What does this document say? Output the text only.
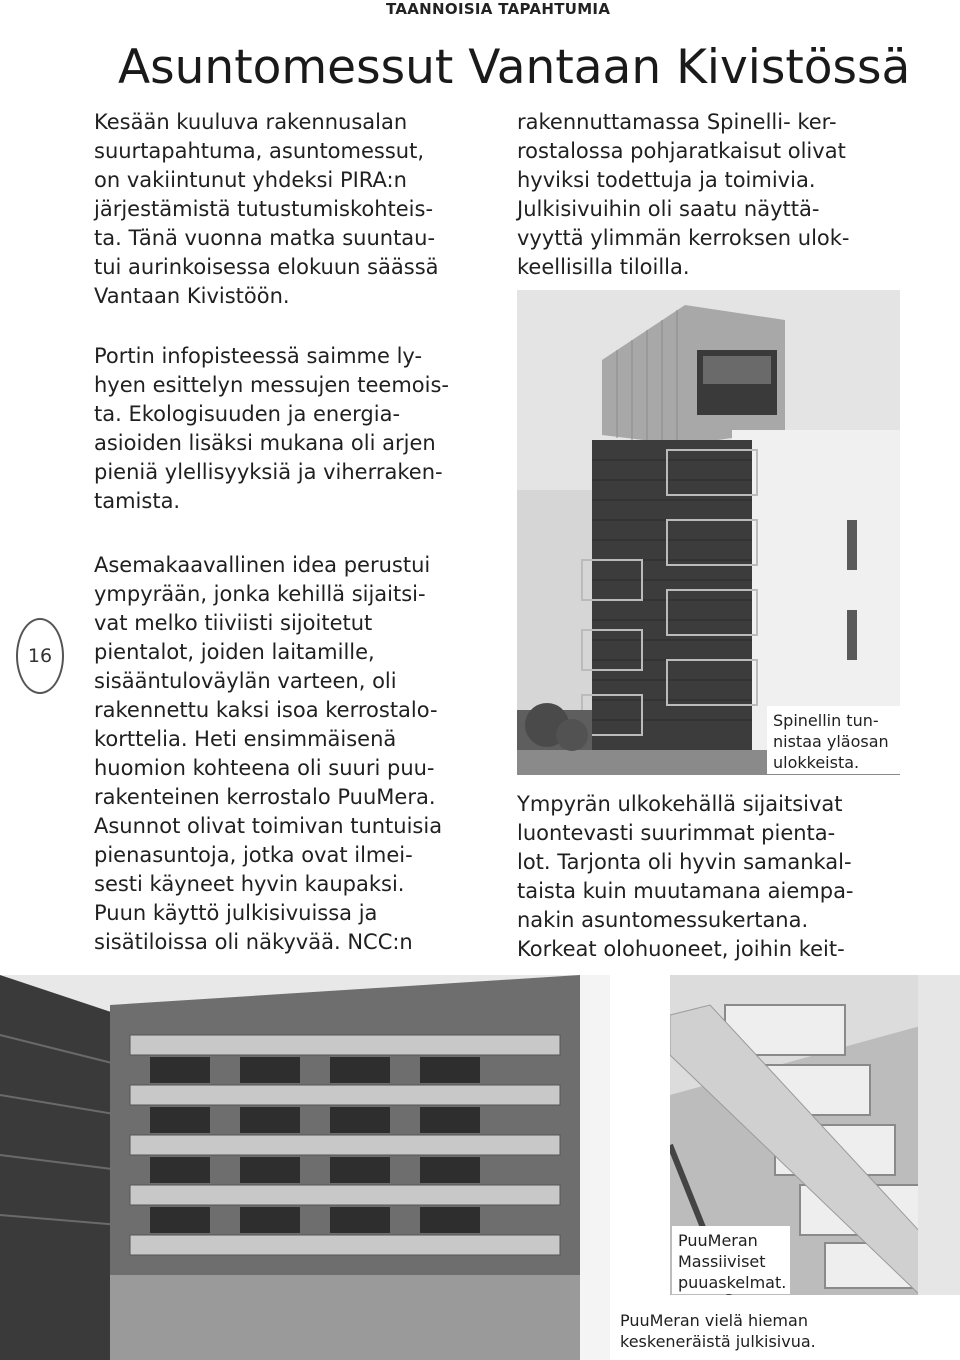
TAANNOISIA TAPAHTUMIA
Asuntomessut Vantaan Kivistössä
Kesään kuuluva rakennusalan
suurtapahtuma, asuntomessut,
on vakiintunut yhdeksi PIRA:n
järjestämistä tutustumiskohteis-
ta. Tänä vuonna matka suuntau-
tui aurinkoisessa elokuun säässä
Vantaan Kivistöön.
Portin infopisteessä saimme ly-
hyen esittelyn messujen teemois-
ta. Ekologisuuden ja energia-
asioiden lisäksi mukana oli arjen
pieniä ylellisyyksiä ja viherraken-
tamista.
Asemakaavallinen idea perustui
ympyrään, jonka kehillä sijaitsi-
vat melko tiiviisti sijoitetut
pientalot, joiden laitamille,
sisääntuloväylän varteen, oli
rakennettu kaksi isoa kerrostalo-
korttelia. Heti ensimmäisenä
huomion kohteena oli suuri puu-
rakenteinen kerrostalo PuuMera.
Asunnot olivat toimivan tuntuisia
pienasuntoja, jotka ovat ilmei-
sesti käyneet hyvin kaupaksi.
Puun käyttö julkisivuissa ja
sisätiloissa oli näkyvää. NCC:n
16
rakennuttamassa Spinelli- ker-
rostalossa pohjaratkaisut olivat
hyviksi todettuja ja toimivia.
Julkisivuihin oli saatu näyttä-
vyyttä ylimmän kerroksen ulok-
keellisilla tiloilla.
Spinellin tun-
nistaa yläosan
ulokkeista.
Ympyrän ulkokehällä sijaitsivat
luontevasti suurimmat pienta-
lot. Tarjonta oli hyvin samankal-
taista kuin muutamana aiempa-
nakin asuntomessukertana.
Korkeat olohuoneet, joihin keit-
PuuMeran vielä hieman
keskeneräistä julkisivua.
PuuMeran
Massiiviset
puuaskelmat.
